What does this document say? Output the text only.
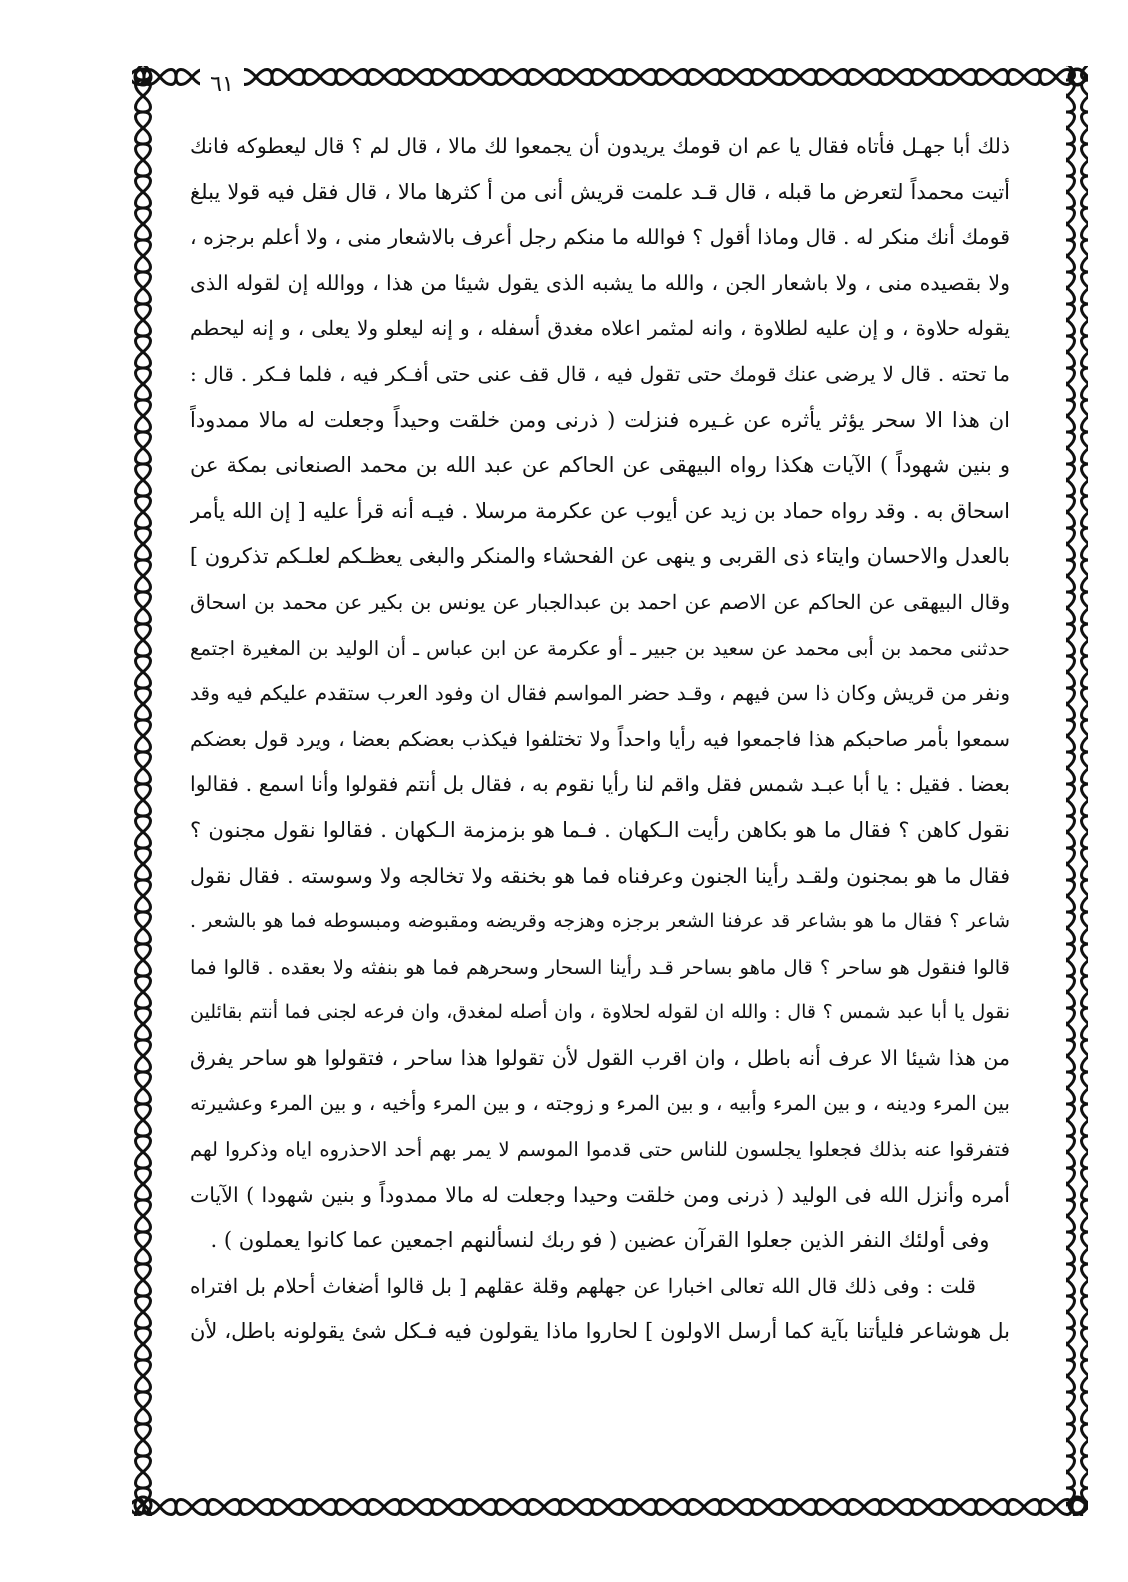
٦١
ذلك أبا جهـل فأتاه فقال يا عم ان قومك يريدون أن يجمعوا لك مالا ، قال لم ؟ قال ليعطوكه فانك
أتيت محمداً لتعرض ما قبله ، قال قـد علمت قريش أنى من أ كثرها مالا ، قال فقل فيه قولا يبلغ
قومك أنك منكر له . قال وماذا أقول ؟ فوالله ما منكم رجل أعرف بالاشعار منى ، ولا أعلم برجزه ،
ولا بقصيده منى ، ولا باشعار الجن ، والله ما يشبه الذى يقول شيئا من هذا ، ووالله إن لقوله الذى
يقوله حلاوة ، و إن عليه لطلاوة ، وانه لمثمر اعلاه مغدق أسفله ، و إنه ليعلو ولا يعلى ، و إنه ليحطم
ما تحته . قال لا يرضى عنك قومك حتى تقول فيه ، قال قف عنى حتى أفـكر فيه ، فلما فـكر . قال :
ان هذا الا سحر يؤثر يأثره عن غـيره فنزلت ( ذرنى ومن خلقت وحيداً وجعلت له مالا ممدوداً
و بنين شهوداً ) الآيات هكذا رواه البيهقى عن الحاكم عن عبد الله بن محمد الصنعانى بمكة عن
اسحاق به . وقد رواه حماد بن زيد عن أيوب عن عكرمة مرسلا . فيـه أنه قرأ عليه [ إن الله يأمر
بالعدل والاحسان وايتاء ذى القربى و ينهى عن الفحشاء والمنكر والبغى يعظـكم لعلـكم تذكرون ]
وقال البيهقى عن الحاكم عن الاصم عن احمد بن عبدالجبار عن يونس بن بكير عن محمد بن اسحاق
حدثنى محمد بن أبى محمد عن سعيد بن جبير ـ أو عكرمة عن ابن عباس ـ أن الوليد بن المغيرة اجتمع
ونفر من قريش وكان ذا سن فيهم ، وقـد حضر المواسم فقال ان وفود العرب ستقدم عليكم فيه وقد
سمعوا بأمر صاحبكم هذا فاجمعوا فيه رأيا واحداً ولا تختلفوا فيكذب بعضكم بعضا ، ويرد قول بعضكم
بعضا . فقيل : يا أبا عبـد شمس فقل واقم لنا رأيا نقوم به ، فقال بل أنتم فقولوا وأنا اسمع . فقالوا
نقول كاهن ؟ فقال ما هو بكاهن رأيت الـكهان . فـما هو بزمزمة الـكهان . فقالوا نقول مجنون ؟
فقال ما هو بمجنون ولقـد رأينا الجنون وعرفناه فما هو بخنقه ولا تخالجه ولا وسوسته . فقال نقول
شاعر ؟ فقال ما هو بشاعر قد عرفنا الشعر برجزه وهزجه وقريضه ومقبوضه ومبسوطه فما هو بالشعر .
قالوا فنقول هو ساحر ؟ قال ماهو بساحر قـد رأينا السحار وسحرهم فما هو بنفثه ولا بعقده . قالوا فما
نقول يا أبا عبد شمس ؟ قال : والله ان لقوله لحلاوة ، وان أصله لمغدق، وان فرعه لجنى فما أنتم بقائلين
من هذا شيئا الا عرف أنه باطل ، وان اقرب القول لأن تقولوا هذا ساحر ، فتقولوا هو ساحر يفرق
بين المرء ودينه ، و بين المرء وأبيه ، و بين المرء و زوجته ، و بين المرء وأخيه ، و بين المرء وعشيرته
فتفرقوا عنه بذلك فجعلوا يجلسون للناس حتى قدموا الموسم لا يمر بهم أحد الاحذروه اياه وذكروا لهم
أمره وأنزل الله فى الوليد ( ذرنى ومن خلقت وحيدا وجعلت له مالا ممدوداً و بنين شهودا ) الآيات
وفى أولئك النفر الذين جعلوا القرآن عضين ( فو ربك لنسألنهم اجمعين عما كانوا يعملون ) .
قلت : وفى ذلك قال الله تعالى اخبارا عن جهلهم وقلة عقلهم [ بل قالوا أضغاث أحلام بل افتراه
بل هوشاعر فليأتنا بآية كما أرسل الاولون ] لحاروا ماذا يقولون فيه فـكل شئ يقولونه باطل، لأن
